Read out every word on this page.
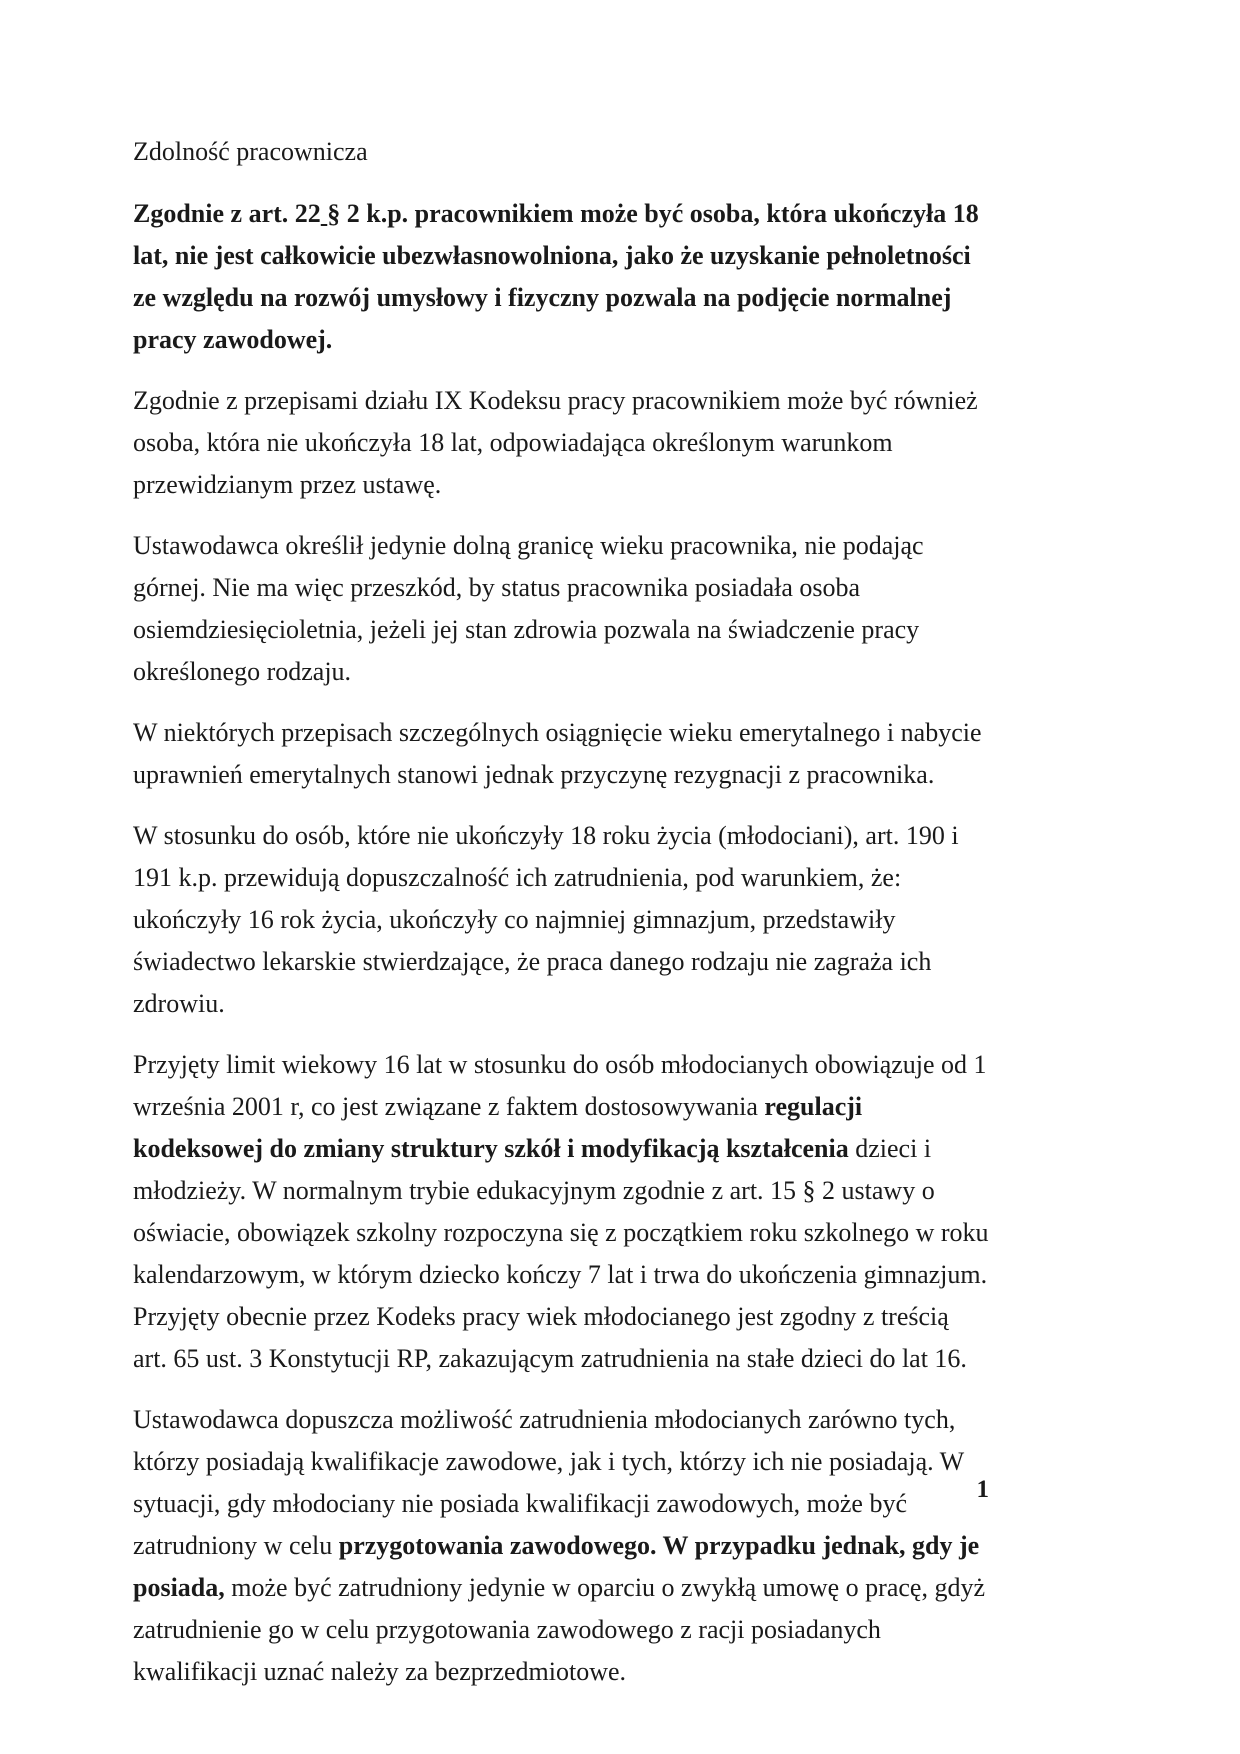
Zdolność pracownicza

Zgodnie z art. 22 § 2 k.p. pracownikiem może być osoba, która ukończyła 18 lat, nie jest całkowicie ubezwłasnowolniona, jako że uzyskanie pełnoletności ze względu na rozwój umysłowy i fizyczny pozwala na podjęcie normalnej pracy zawodowej.

Zgodnie z przepisami działu IX Kodeksu pracy pracownikiem może być również osoba, która nie ukończyła 18 lat, odpowiadająca określonym warunkom przewidzianym przez ustawę.

Ustawodawca określił jedynie dolną granicę wieku pracownika, nie podając górnej. Nie ma więc przeszkód, by status pracownika posiadała osoba osiemdziesięcioletnia, jeżeli jej stan zdrowia pozwala na świadczenie pracy określonego rodzaju.

W niektórych przepisach szczególnych osiągnięcie wieku emerytalnego i nabycie uprawnień emerytalnych stanowi jednak przyczynę rezygnacji z pracownika.

W stosunku do osób, które nie ukończyły 18 roku życia (młodociani), art. 190 i 191 k.p. przewidują dopuszczalność ich zatrudnienia, pod warunkiem, że: ukończyły 16 rok życia, ukończyły co najmniej gimnazjum, przedstawiły świadectwo lekarskie stwierdzające, że praca danego rodzaju nie zagraża ich zdrowiu.

Przyjęty limit wiekowy 16 lat w stosunku do osób młodocianych obowiązuje od 1 września 2001 r, co jest związane z faktem dostosowywania regulacji kodeksowej do zmiany struktury szkół i modyfikacją kształcenia dzieci i młodzieży. W normalnym trybie edukacyjnym zgodnie z art. 15 § 2 ustawy o oświacie, obowiązek szkolny rozpoczyna się z początkiem roku szkolnego w roku kalendarzowym, w którym dziecko kończy 7 lat i trwa do ukończenia gimnazjum. Przyjęty obecnie przez Kodeks pracy wiek młodocianego jest zgodny z treścią art. 65 ust. 3 Konstytucji RP, zakazującym zatrudnienia na stałe dzieci do lat 16.

Ustawodawca dopuszcza możliwość zatrudnienia młodocianych zarówno tych, którzy posiadają kwalifikacje zawodowe, jak i tych, którzy ich nie posiadają. W sytuacji, gdy młodociany nie posiada kwalifikacji zawodowych, może być zatrudniony w celu przygotowania zawodowego. W przypadku jednak, gdy je posiada, może być zatrudniony jedynie w oparciu o zwykłą umowę o pracę, gdyż zatrudnienie go w celu przygotowania zawodowego z racji posiadanych kwalifikacji uznać należy za bezprzedmiotowe.

1
